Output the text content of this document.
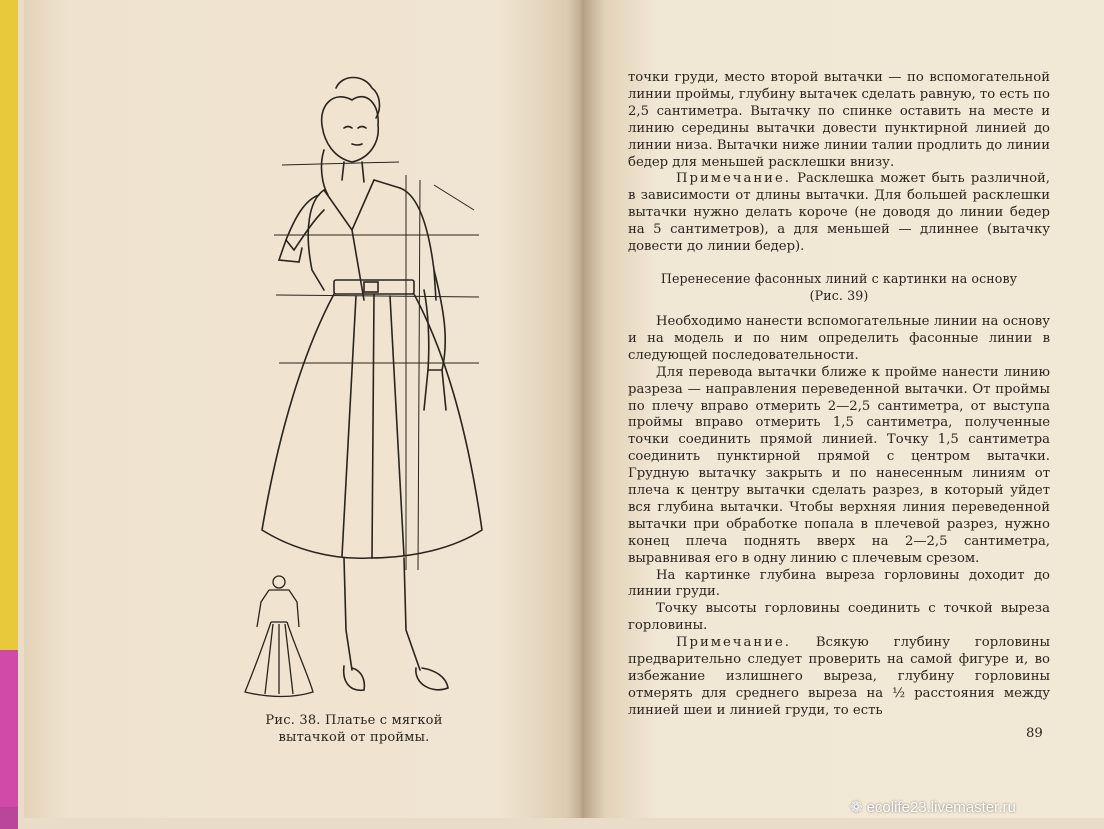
Рис. 38. Платье с мягкой
вытачкой от проймы.

точки груди, место второй вытачки — по вспомогательной линии проймы, глубину вытачек сделать равную, то есть по 2,5 сантиметра. Вытачку по спинке оставить на месте и линию середины вытачки довести пунктирной линией до линии низа. Вытачки ниже линии талии продлить до линии бедер для меньшей расклешки внизу.

Примечание. Расклешка может быть различной, в зависимости от длины вытачки. Для большей расклешки вытачки нужно делать короче (не доводя до линии бедер на 5 сантиметров), а для меньшей — длиннее (вытачку довести до линии бедер).

Перенесение фасонных линий с картинки на основу

(Рис. 39)

Необходимо нанести вспомогательные линии на основу и на модель и по ним определить фасонные линии в следующей последовательности.

Для перевода вытачки ближе к пройме нанести линию разреза — направления переведенной вытачки. От проймы по плечу вправо отмерить 2—2,5 сантиметра, от выступа проймы вправо отмерить 1,5 сантиметра, полученные точки соединить прямой линией. Точку 1,5 сантиметра соединить пунктирной прямой с центром вытачки. Грудную вытачку закрыть и по нанесенным линиям от плеча к центру вытачки сделать разрез, в который уйдет вся глубина вытачки. Чтобы верхняя линия переведенной вытачки при обработке попала в плечевой разрез, нужно конец плеча поднять вверх на 2—2,5 сантиметра, выравнивая его в одну линию с плечевым срезом.

На картинке глубина выреза горловины доходит до линии груди.

Точку высоты горловины соединить с точкой выреза горловины.

Примечание. Всякую глубину горловины предварительно следует проверить на самой фигуре и, во избежание излишнего выреза, глубину горловины отмерять для среднего выреза на ½ расстояния между линией шеи и линией груди, то есть

89
❁ ecolife23.livemaster.ru
